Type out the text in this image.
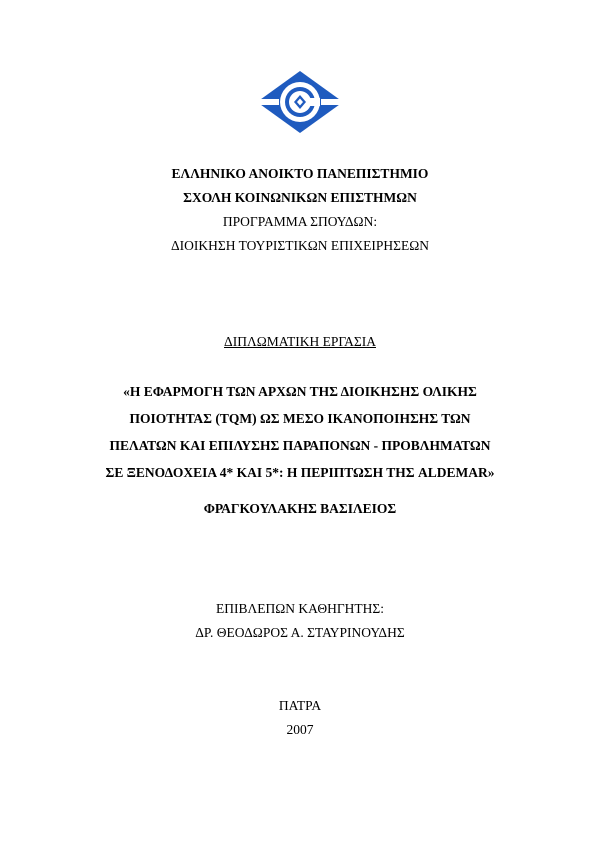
ΕΛΛΗΝΙΚΟ ΑΝΟΙΚΤΟ ΠΑΝΕΠΙΣΤΗΜΙΟ
ΣΧΟΛΗ ΚΟΙΝΩΝΙΚΩΝ ΕΠΙΣΤΗΜΩΝ
ΠΡΟΓΡΑΜΜΑ ΣΠΟΥΔΩΝ:
ΔΙΟΙΚΗΣΗ ΤΟΥΡΙΣΤΙΚΩΝ ΕΠΙΧΕΙΡΗΣΕΩΝ
ΔΙΠΛΩΜΑΤΙΚΗ ΕΡΓΑΣΙΑ
«Η ΕΦΑΡΜΟΓΗ ΤΩΝ ΑΡΧΩΝ ΤΗΣ ΔΙΟΙΚΗΣΗΣ ΟΛΙΚΗΣ
ΠΟΙΟΤΗΤΑΣ (TQM) ΩΣ ΜΕΣΟ ΙΚΑΝΟΠΟΙΗΣΗΣ ΤΩΝ
ΠΕΛΑΤΩΝ ΚΑΙ ΕΠΙΛΥΣΗΣ ΠΑΡΑΠΟΝΩΝ - ΠΡΟΒΛΗΜΑΤΩΝ
ΣΕ ΞΕΝΟΔΟΧΕΙΑ 4* ΚΑΙ 5*: Η ΠΕΡΙΠΤΩΣΗ ΤΗΣ ALDEMAR»
ΦΡΑΓΚΟΥΛΑΚΗΣ ΒΑΣΙΛΕΙΟΣ
ΕΠΙΒΛΕΠΩΝ ΚΑΘΗΓΗΤΗΣ:
ΔΡ. ΘΕΟΔΩΡΟΣ Α. ΣΤΑΥΡΙΝΟΥΔΗΣ
ΠΑΤΡΑ
2007
